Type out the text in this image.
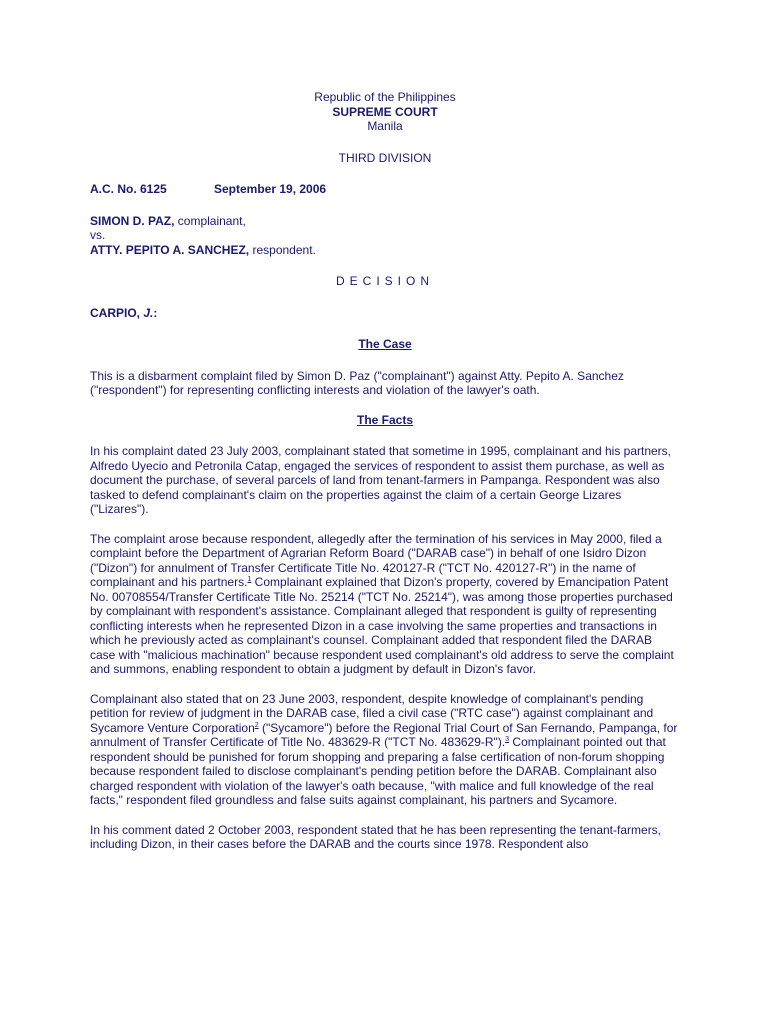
Republic of the Philippines
SUPREME COURT
Manila
THIRD DIVISION
A.C. No. 6125	September 19, 2006
SIMON D. PAZ, complainant,
vs.
ATTY. PEPITO A. SANCHEZ, respondent.
DECISION
CARPIO, J.:
The Case

This is a disbarment complaint filed by Simon D. Paz ("complainant") against Atty. Pepito A. Sanchez ("respondent") for representing conflicting interests and violation of the lawyer's oath.

The Facts

In his complaint dated 23 July 2003, complainant stated that sometime in 1995, complainant and his partners, Alfredo Uyecio and Petronila Catap, engaged the services of respondent to assist them purchase, as well as document the purchase, of several parcels of land from tenant-farmers in Pampanga. Respondent was also tasked to defend complainant's claim on the properties against the claim of a certain George Lizares ("Lizares").

The complaint arose because respondent, allegedly after the termination of his services in May 2000, filed a complaint before the Department of Agrarian Reform Board ("DARAB case") in behalf of one Isidro Dizon ("Dizon") for annulment of Transfer Certificate Title No. 420127-R ("TCT No. 420127-R") in the name of complainant and his partners.$^1$ Complainant explained that Dizon's property, covered by Emancipation Patent No. 00708554/Transfer Certificate Title No. 25214 ("TCT No. 25214"), was among those properties purchased by complainant with respondent's assistance. Complainant alleged that respondent is guilty of representing conflicting interests when he represented Dizon in a case involving the same properties and transactions in which he previously acted as complainant's counsel. Complainant added that respondent filed the DARAB case with "malicious machination" because respondent used complainant's old address to serve the complaint and summons, enabling respondent to obtain a judgment by default in Dizon's favor.

Complainant also stated that on 23 June 2003, respondent, despite knowledge of complainant's pending petition for review of judgment in the DARAB case, filed a civil case ("RTC case") against complainant and Sycamore Venture Corporation$^2$ ("Sycamore") before the Regional Trial Court of San Fernando, Pampanga, for annulment of Transfer Certificate of Title No. 483629-R ("TCT No. 483629-R").$^3$ Complainant pointed out that respondent should be punished for forum shopping and preparing a false certification of non-forum shopping because respondent failed to disclose complainant's pending petition before the DARAB. Complainant also charged respondent with violation of the lawyer's oath because, "with malice and full knowledge of the real facts," respondent filed groundless and false suits against complainant, his partners and Sycamore.

In his comment dated 2 October 2003, respondent stated that he has been representing the tenant-farmers, including Dizon, in their cases before the DARAB and the courts since 1978. Respondent also
